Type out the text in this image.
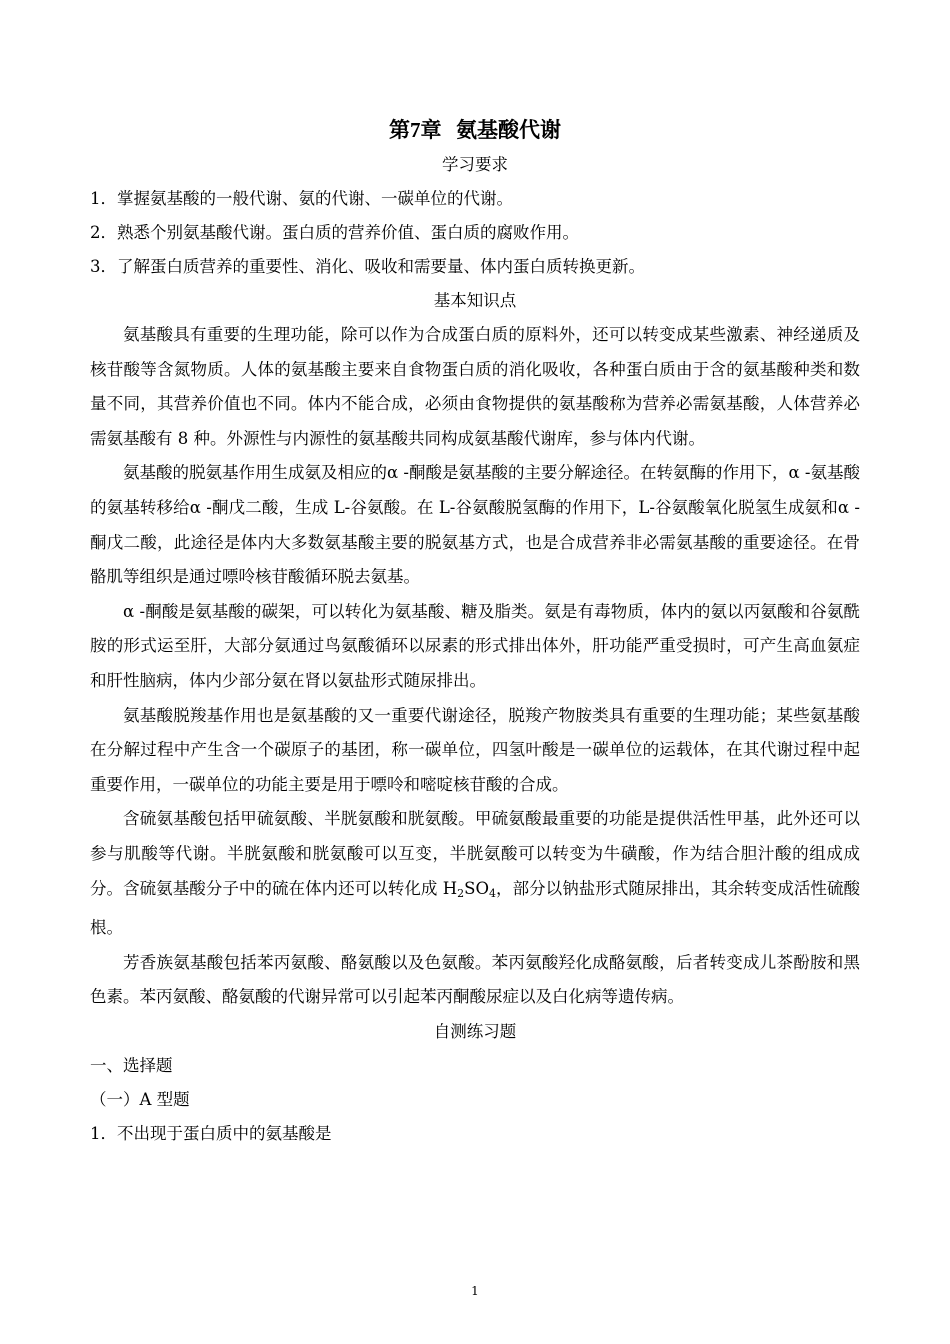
第7章  氨基酸代谢

学习要求

1．掌握氨基酸的一般代谢、氨的代谢、一碳单位的代谢。

2．熟悉个别氨基酸代谢。蛋白质的营养价值、蛋白质的腐败作用。

3．了解蛋白质营养的重要性、消化、吸收和需要量、体内蛋白质转换更新。

基本知识点

氨基酸具有重要的生理功能，除可以作为合成蛋白质的原料外，还可以转变成某些激素、神经递质及核苷酸等含氮物质。人体的氨基酸主要来自食物蛋白质的消化吸收，各种蛋白质由于含的氨基酸种类和数量不同，其营养价值也不同。体内不能合成，必须由食物提供的氨基酸称为营养必需氨基酸，人体营养必需氨基酸有 8 种。外源性与内源性的氨基酸共同构成氨基酸代谢库，参与体内代谢。

氨基酸的脱氨基作用生成氨及相应的α -酮酸是氨基酸的主要分解途径。在转氨酶的作用下，α -氨基酸的氨基转移给α -酮戊二酸，生成 L-谷氨酸。在 L-谷氨酸脱氢酶的作用下，L-谷氨酸氧化脱氢生成氨和α -酮戊二酸，此途径是体内大多数氨基酸主要的脱氨基方式，也是合成营养非必需氨基酸的重要途径。在骨骼肌等组织是通过嘌呤核苷酸循环脱去氨基。

α -酮酸是氨基酸的碳架，可以转化为氨基酸、糖及脂类。氨是有毒物质，体内的氨以丙氨酸和谷氨酰胺的形式运至肝，大部分氨通过鸟氨酸循环以尿素的形式排出体外，肝功能严重受损时，可产生高血氨症和肝性脑病，体内少部分氨在肾以氨盐形式随尿排出。

氨基酸脱羧基作用也是氨基酸的又一重要代谢途径，脱羧产物胺类具有重要的生理功能；某些氨基酸在分解过程中产生含一个碳原子的基团，称一碳单位，四氢叶酸是一碳单位的运载体，在其代谢过程中起重要作用，一碳单位的功能主要是用于嘌呤和嘧啶核苷酸的合成。

含硫氨基酸包括甲硫氨酸、半胱氨酸和胱氨酸。甲硫氨酸最重要的功能是提供活性甲基，此外还可以参与肌酸等代谢。半胱氨酸和胱氨酸可以互变，半胱氨酸可以转变为牛磺酸，作为结合胆汁酸的组成成分。含硫氨基酸分子中的硫在体内还可以转化成 $H_2SO_4$，部分以钠盐形式随尿排出，其余转变成活性硫酸根。

芳香族氨基酸包括苯丙氨酸、酪氨酸以及色氨酸。苯丙氨酸羟化成酪氨酸，后者转变成儿茶酚胺和黑色素。苯丙氨酸、酪氨酸的代谢异常可以引起苯丙酮酸尿症以及白化病等遗传病。

自测练习题

一、选择题

（一）A 型题

1．不出现于蛋白质中的氨基酸是

1
